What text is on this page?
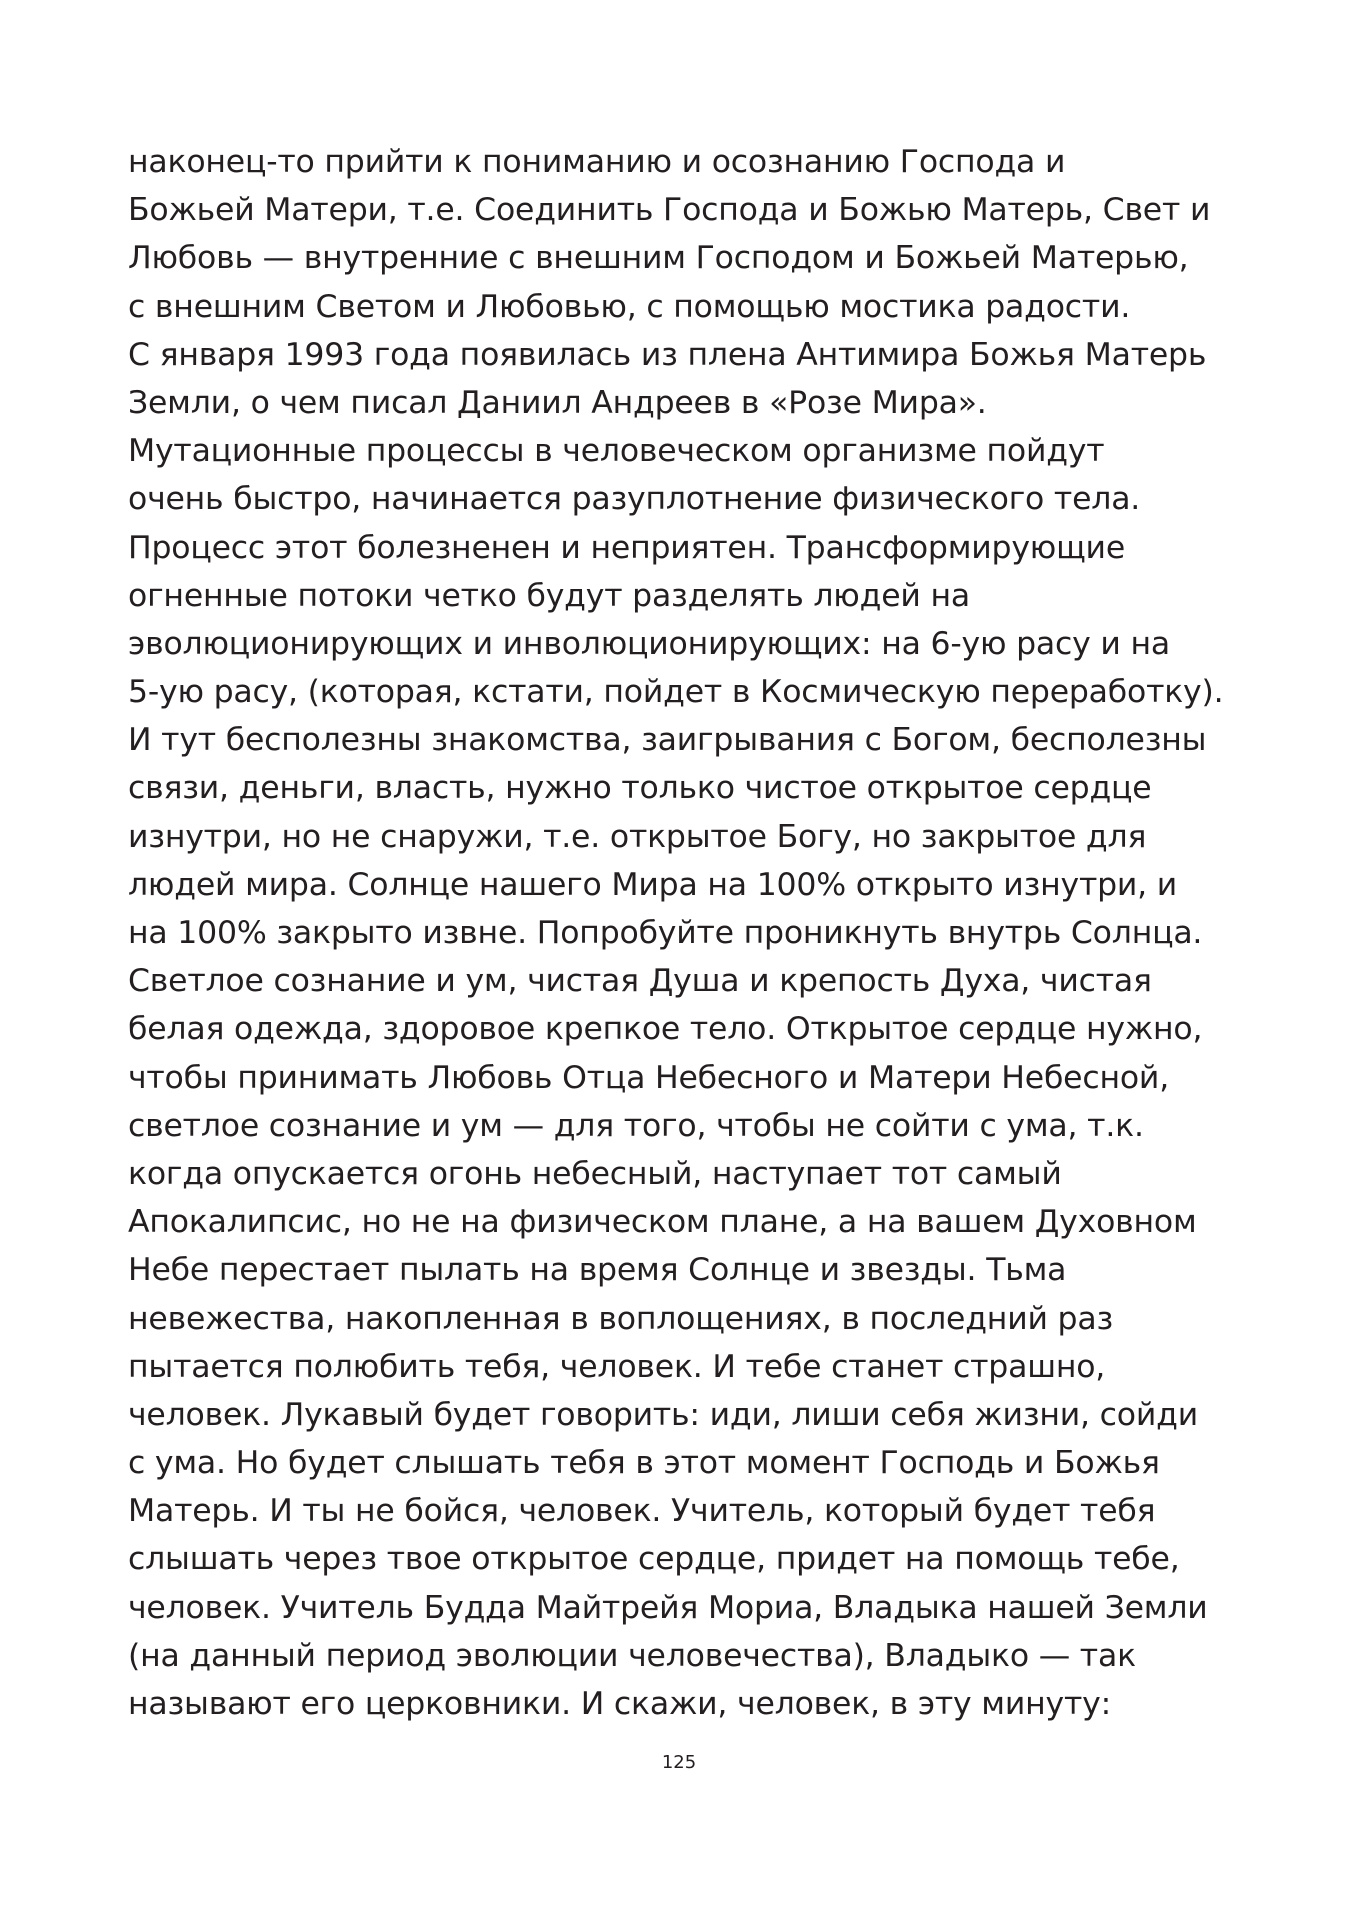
наконец-то прийти к пониманию и осознанию Господа и
Божьей Матери, т.е. Соединить Господа и Божью Матерь, Свет и
Любовь — внутренние с внешним Господом и Божьей Матерью,
с внешним Светом и Любовью, с помощью мостика радости.
С января 1993 года появилась из плена Антимира Божья Матерь
Земли, о чем писал Даниил Андреев в «Розе Мира».
Мутационные процессы в человеческом организме пойдут
очень быстро, начинается разуплотнение физического тела.
Процесс этот болезненен и неприятен. Трансформирующие
огненные потоки четко будут разделять людей на
эволюционирующих и инволюционирующих: на 6-ую расу и на
5-ую расу, (которая, кстати, пойдет в Космическую переработку).
И тут бесполезны знакомства, заигрывания с Богом, бесполезны
связи, деньги, власть, нужно только чистое открытое сердце
изнутри, но не снаружи, т.е. открытое Богу, но закрытое для
людей мира. Солнце нашего Мира на 100% открыто изнутри, и
на 100% закрыто извне. Попробуйте проникнуть внутрь Солнца.
Светлое сознание и ум, чистая Душа и крепость Духа, чистая
белая одежда, здоровое крепкое тело. Открытое сердце нужно,
чтобы принимать Любовь Отца Небесного и Матери Небесной,
светлое сознание и ум — для того, чтобы не сойти с ума, т.к.
когда опускается огонь небесный, наступает тот самый
Апокалипсис, но не на физическом плане, а на вашем Духовном
Небе перестает пылать на время Солнце и звезды. Тьма
невежества, накопленная в воплощениях, в последний раз
пытается полюбить тебя, человек. И тебе станет страшно,
человек. Лукавый будет говорить: иди, лиши себя жизни, сойди
с ума. Но будет слышать тебя в этот момент Господь и Божья
Матерь. И ты не бойся, человек. Учитель, который будет тебя
слышать через твое открытое сердце, придет на помощь тебе,
человек. Учитель Будда Майтрейя Мориа, Владыка нашей Земли
(на данный период эволюции человечества), Владыко — так
называют его церковники. И скажи, человек, в эту минуту:
125
